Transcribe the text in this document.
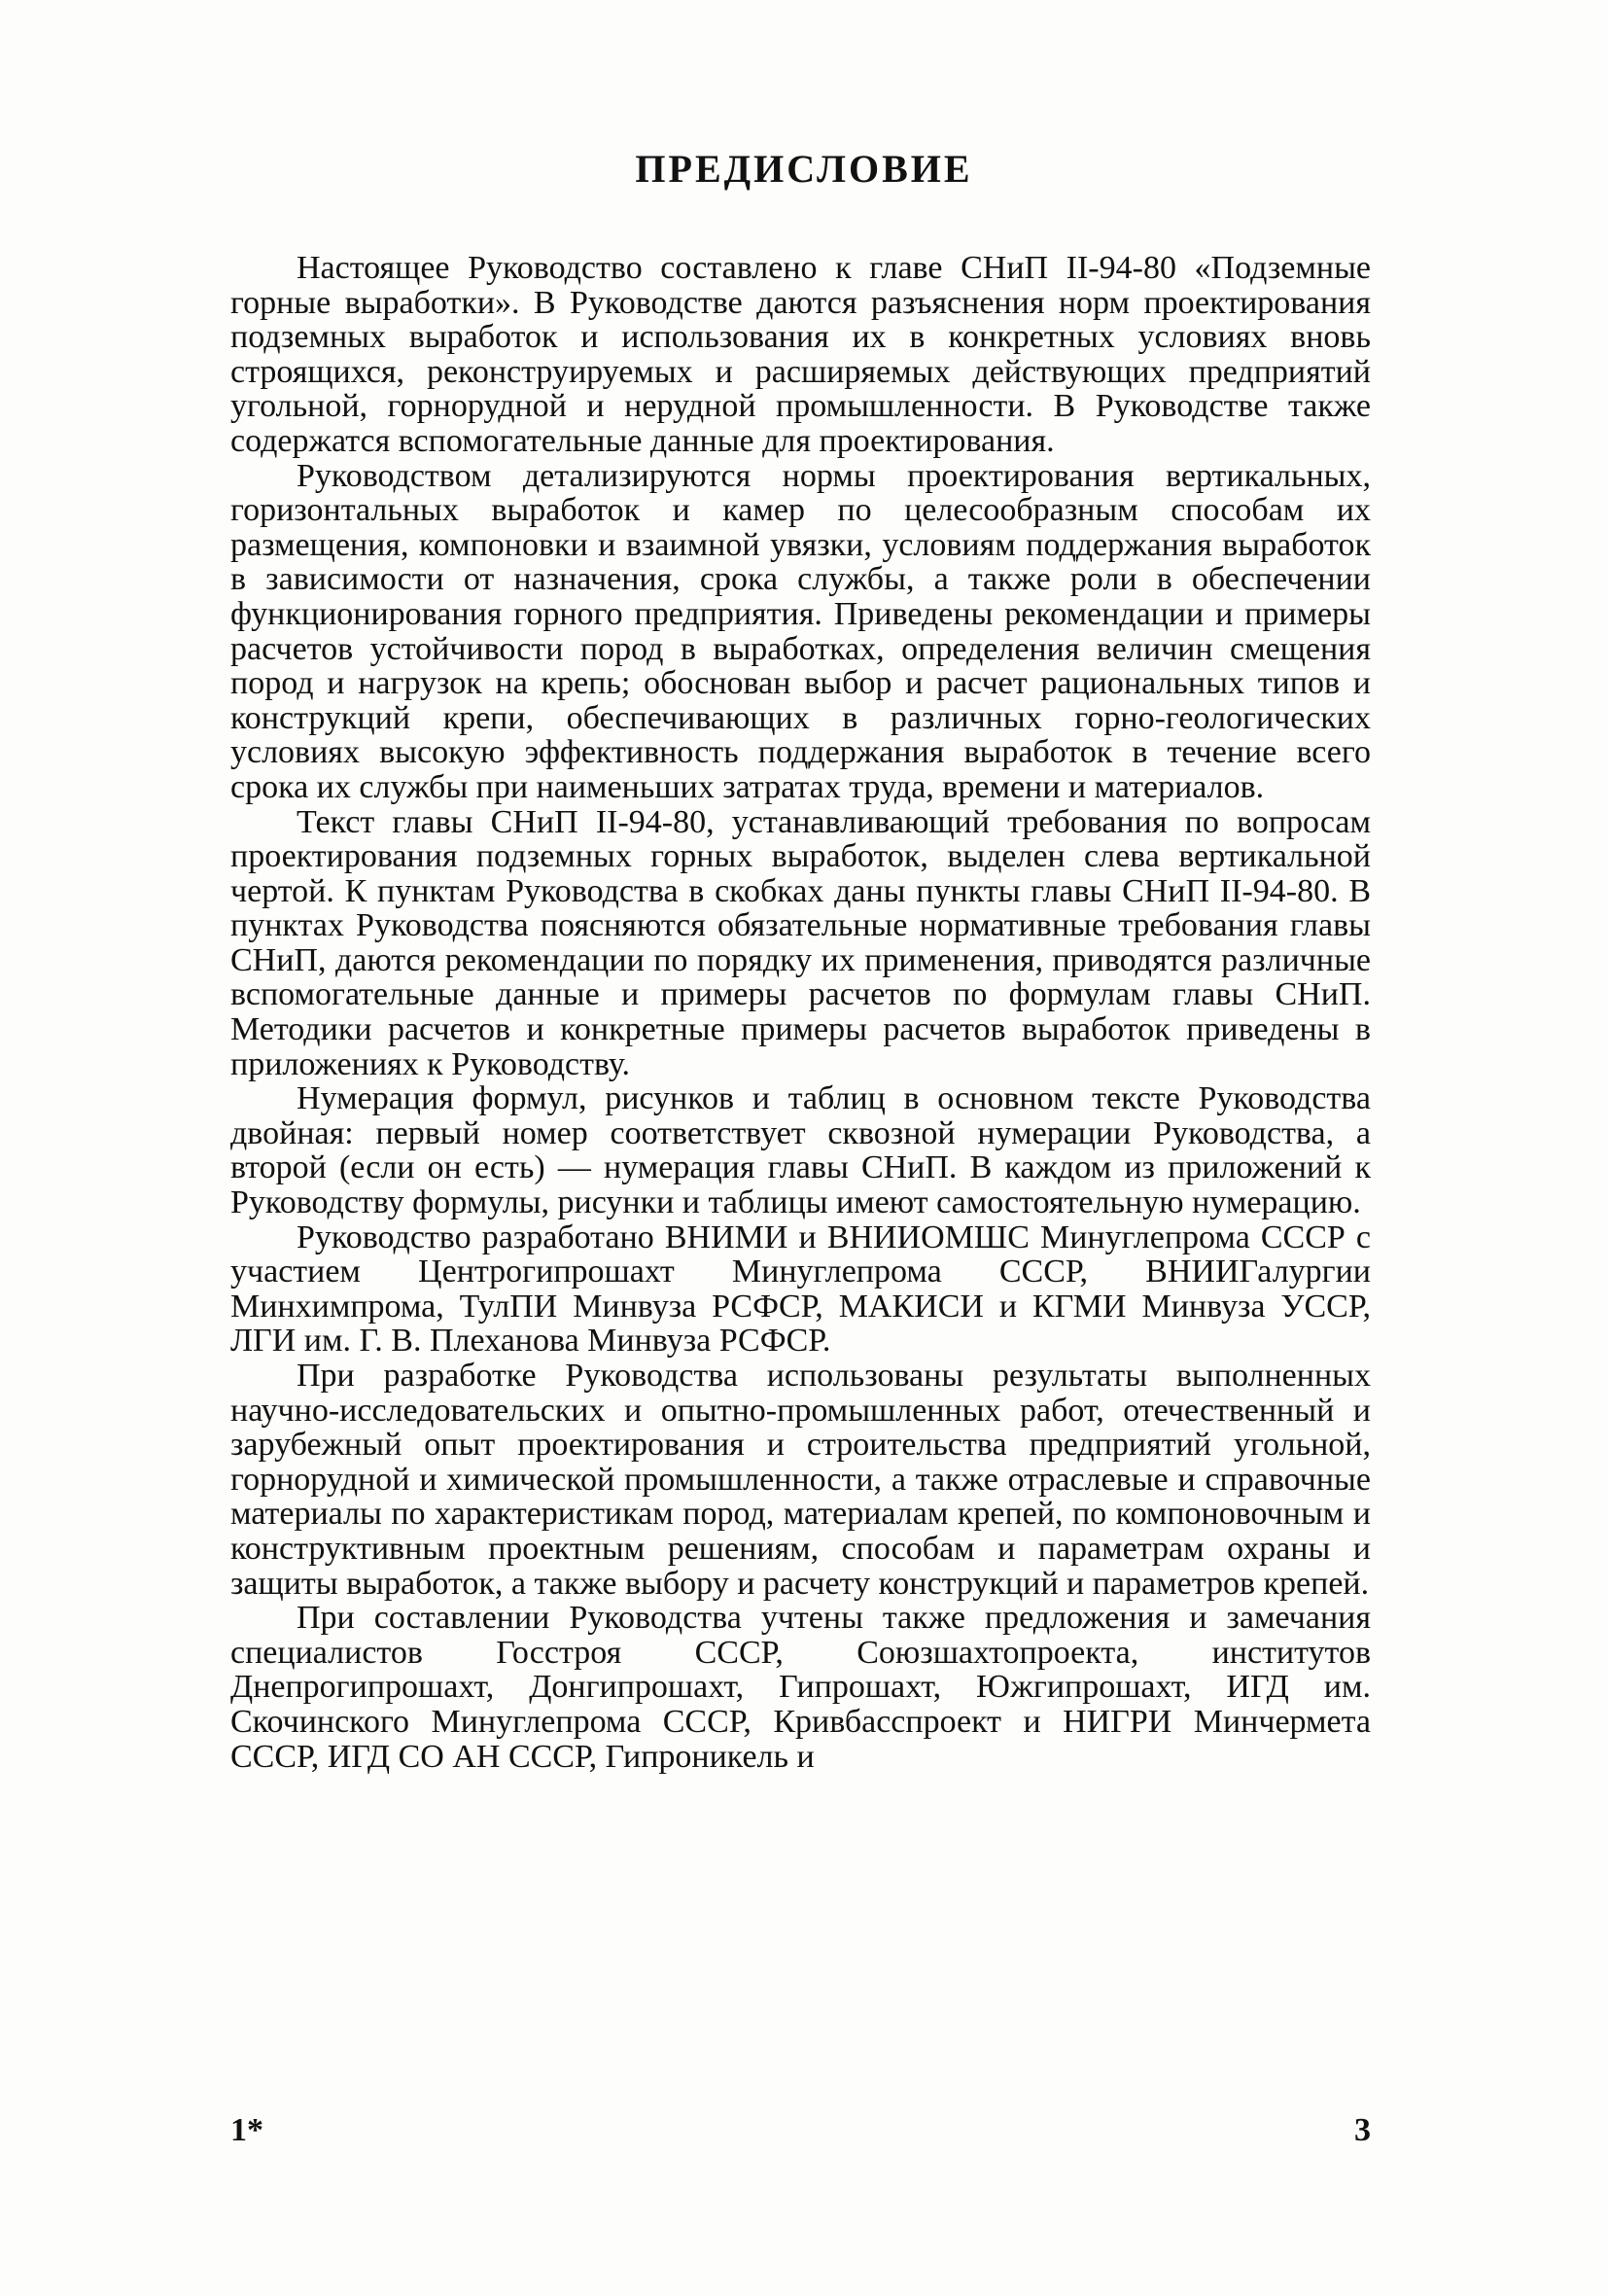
ПРЕДИСЛОВИЕ

Настоящее Руководство составлено к главе СНиП II-94-80 «Подземные горные выработки». В Руководстве даются разъяснения норм проектирования подземных выработок и использования их в конкретных условиях вновь строящихся, реконструируемых и расширяемых действующих предприятий угольной, горнорудной и нерудной промышленности. В Руководстве также содержатся вспомогательные данные для проектирования.

Руководством детализируются нормы проектирования вертикальных, горизонтальных выработок и камер по целесообразным способам их размещения, компоновки и взаимной увязки, условиям поддержания выработок в зависимости от назначения, срока службы, а также роли в обеспечении функционирования горного предприятия. Приведены рекомендации и примеры расчетов устойчивости пород в выработках, определения величин смещения пород и нагрузок на крепь; обоснован выбор и расчет рациональных типов и конструкций крепи, обеспечивающих в различных горно-геологических условиях высокую эффективность поддержания выработок в течение всего срока их службы при наименьших затратах труда, времени и материалов.

Текст главы СНиП II-94-80, устанавливающий требования по вопросам проектирования подземных горных выработок, выделен слева вертикальной чертой. К пунктам Руководства в скобках даны пункты главы СНиП II-94-80. В пунктах Руководства поясняются обязательные нормативные требования главы СНиП, даются рекомендации по порядку их применения, приводятся различные вспомогательные данные и примеры расчетов по формулам главы СНиП. Методики расчетов и конкретные примеры расчетов выработок приведены в приложениях к Руководству.

Нумерация формул, рисунков и таблиц в основном тексте Руководства двойная: первый номер соответствует сквозной нумерации Руководства, а второй (если он есть) — нумерация главы СНиП. В каждом из приложений к Руководству формулы, рисунки и таблицы имеют самостоятельную нумерацию.

Руководство разработано ВНИМИ и ВНИИОМШС Минуглепрома СССР с участием Центрогипрошахт Минуглепрома СССР, ВНИИГалургии Минхимпрома, ТулПИ Минвуза РСФСР, МАКИСИ и КГМИ Минвуза УССР, ЛГИ им. Г. В. Плеханова Минвуза РСФСР.

При разработке Руководства использованы результаты выполненных научно-исследовательских и опытно-промышленных работ, отечественный и зарубежный опыт проектирования и строительства предприятий угольной, горнорудной и химической промышленности, а также отраслевые и справочные материалы по характеристикам пород, материалам крепей, по компоновочным и конструктивным проектным решениям, способам и параметрам охраны и защиты выработок, а также выбору и расчету конструкций и параметров крепей.

При составлении Руководства учтены также предложения и замечания специалистов Госстроя СССР, Союзшахтопроекта, институтов Днепрогипрошахт, Донгипрошахт, Гипрошахт, Южгипрошахт, ИГД им. Скочинского Минуглепрома СССР, Кривбасспроект и НИГРИ Минчермета СССР, ИГД СО АН СССР, Гипроникель и

1*	3
